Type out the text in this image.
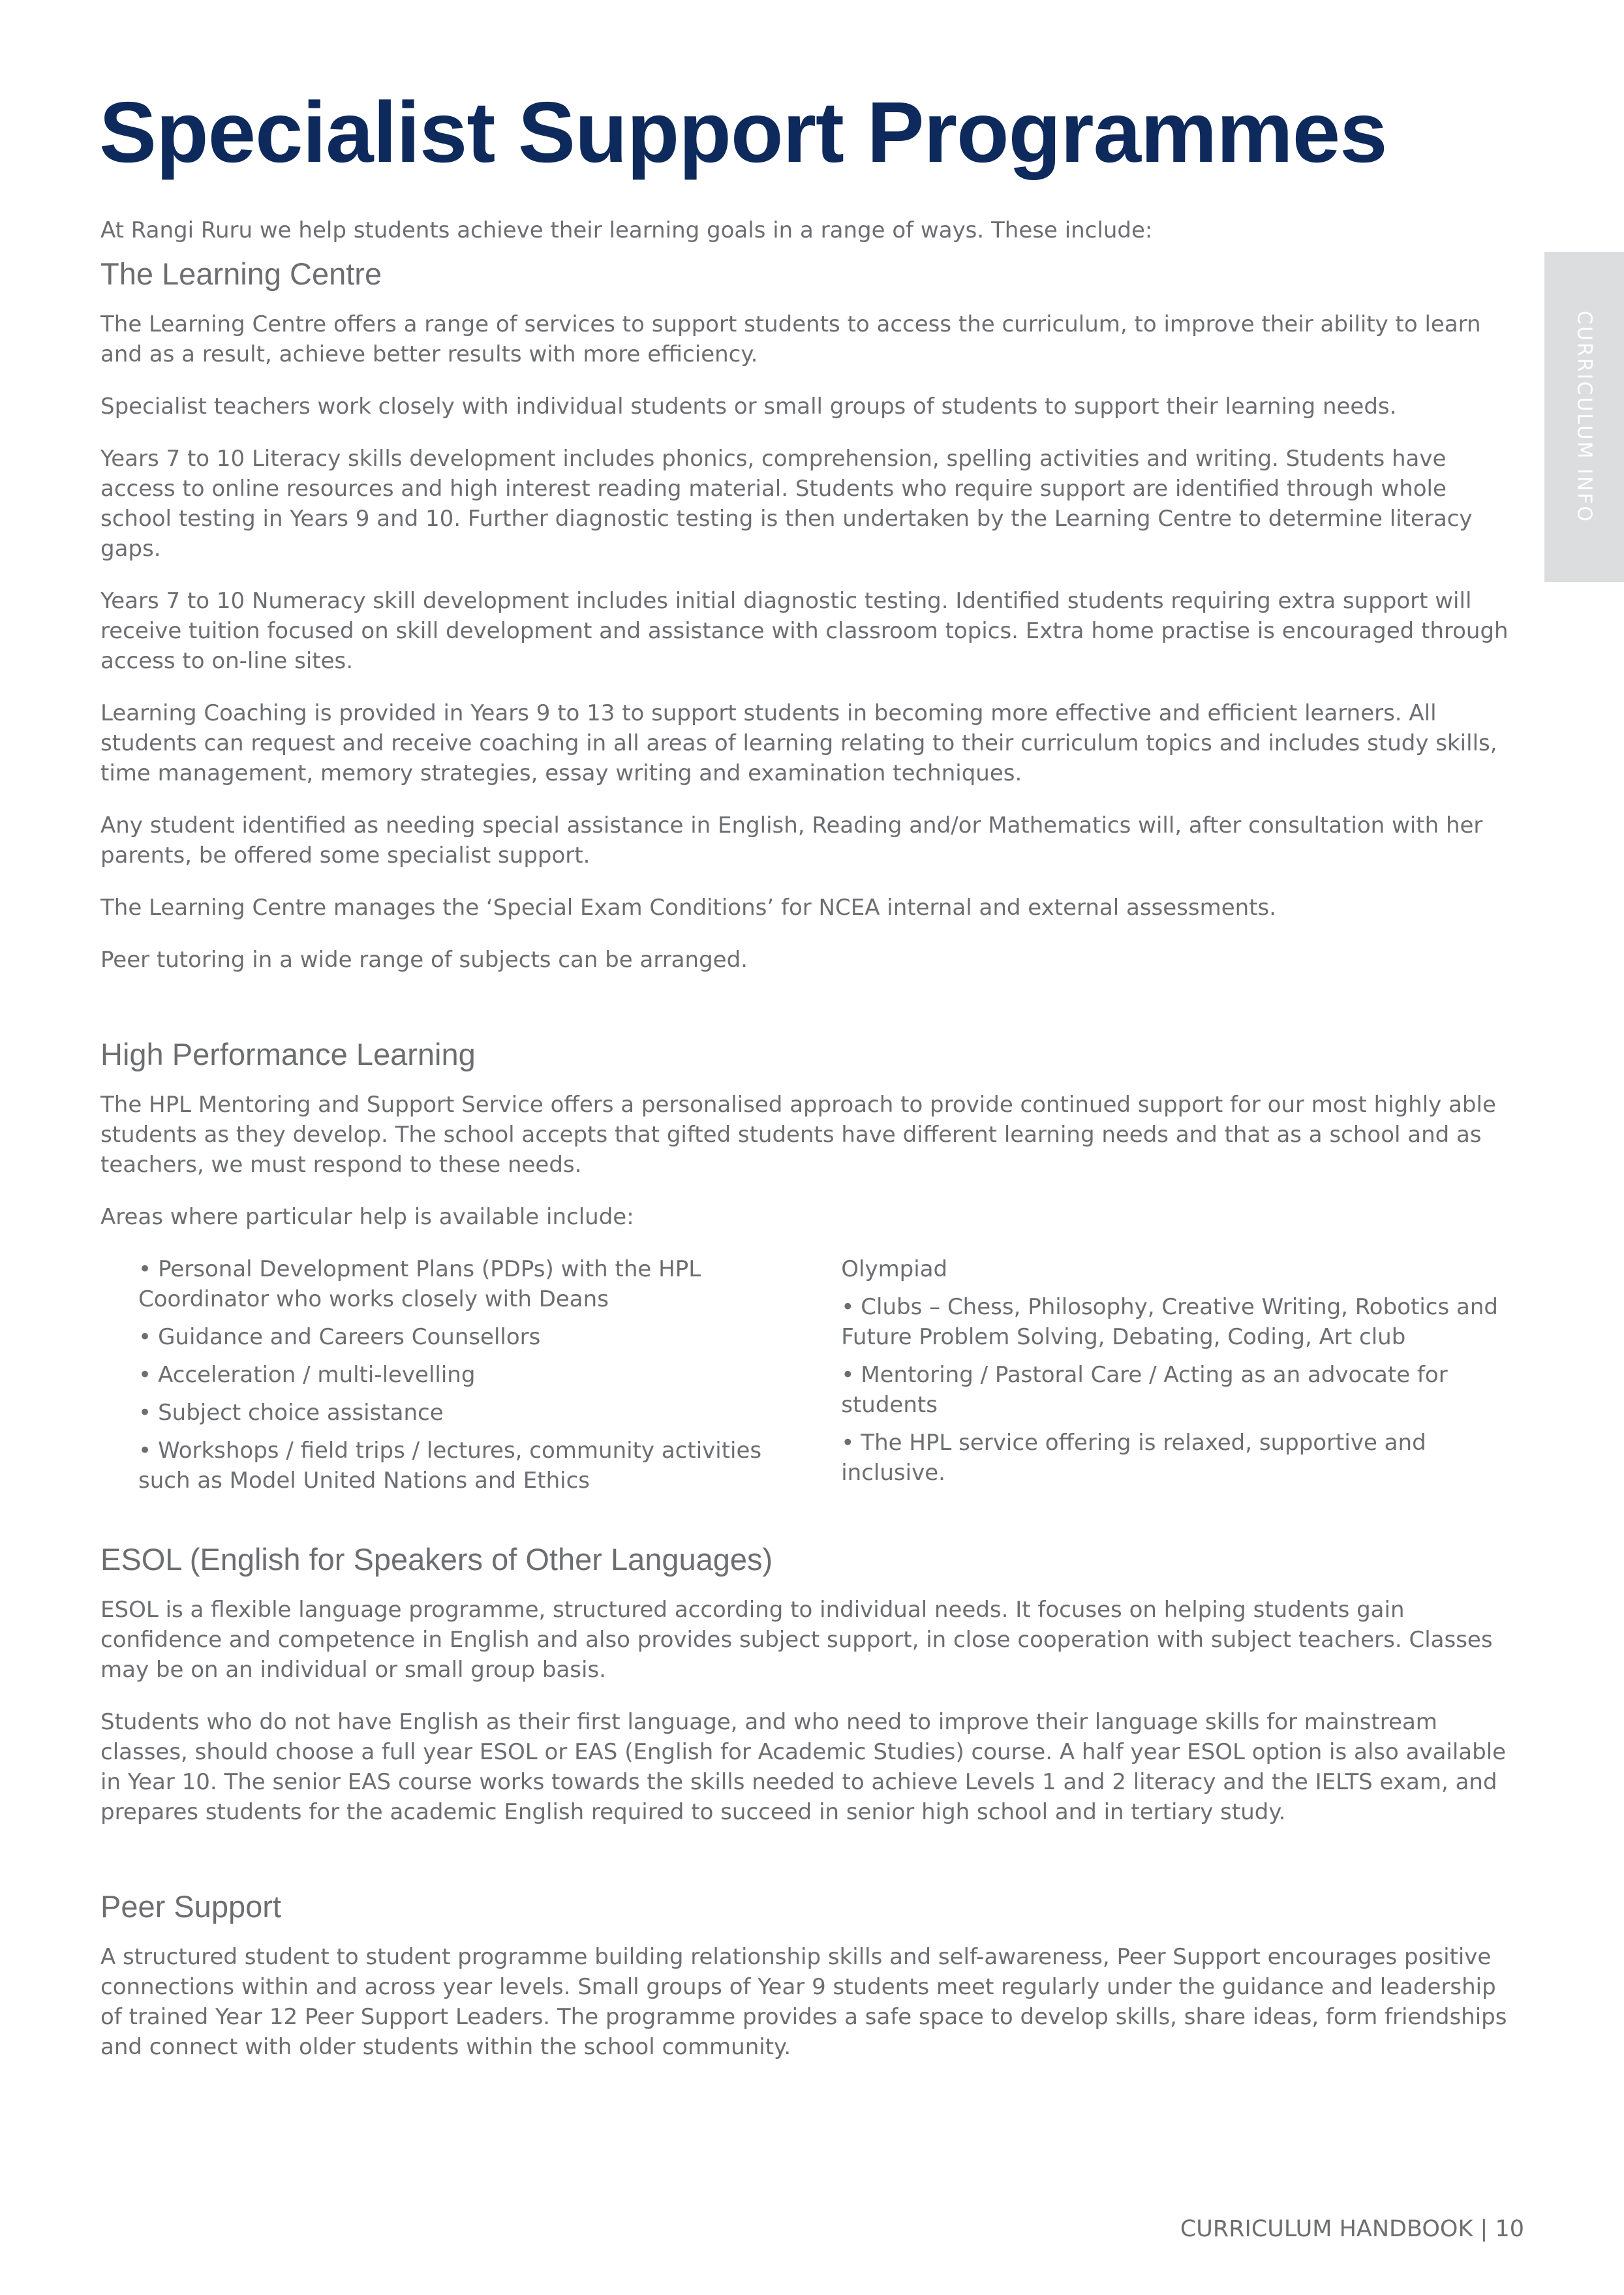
Specialist Support Programmes
CURRICULUM INFO

At Rangi Ruru we help students achieve their learning goals in a range of ways. These include:

The Learning Centre

The Learning Centre offers a range of services to support students to access the curriculum, to improve their ability to learn and as a result, achieve better results with more efficiency.

Specialist teachers work closely with individual students or small groups of students to support their learning needs.

Years 7 to 10 Literacy skills development includes phonics, comprehension, spelling activities and writing. Students have access to online resources and high interest reading material. Students who require support are identified through whole school testing in Years 9 and 10. Further diagnostic testing is then undertaken by the Learning Centre to determine literacy gaps.

Years 7 to 10 Numeracy skill development includes initial diagnostic testing. Identified students requiring extra support will receive tuition focused on skill development and assistance with classroom topics. Extra home practise is encouraged through access to on-line sites.

Learning Coaching is provided in Years 9 to 13 to support students in becoming more effective and efficient learners. All students can request and receive coaching in all areas of learning relating to their curriculum topics and includes study skills, time management, memory strategies, essay writing and examination techniques.

Any student identified as needing special assistance in English, Reading and/or Mathematics will, after consultation with her parents, be offered some specialist support.

The Learning Centre manages the ‘Special Exam Conditions’ for NCEA internal and external assessments.

Peer tutoring in a wide range of subjects can be arranged.

High Performance Learning

The HPL Mentoring and Support Service offers a personalised approach to provide continued support for our most highly able students as they develop. The school accepts that gifted students have different learning needs and that as a school and as teachers, we must respond to these needs.

Areas where particular help is available include:

• Personal Development Plans (PDPs) with the HPL Coordinator who works closely with Deans
• Guidance and Careers Counsellors
• Acceleration / multi-levelling
• Subject choice assistance
• Workshops / field trips / lectures, community activities such as Model United Nations and Ethics
Olympiad
• Clubs – Chess, Philosophy, Creative Writing, Robotics and Future Problem Solving, Debating, Coding, Art club
• Mentoring / Pastoral Care / Acting as an advocate for students
• The HPL service offering is relaxed, supportive and inclusive.
ESOL (English for Speakers of Other Languages)

ESOL is a flexible language programme, structured according to individual needs. It focuses on helping students gain confidence and competence in English and also provides subject support, in close cooperation with subject teachers. Classes may be on an individual or small group basis.

Students who do not have English as their first language, and who need to improve their language skills for mainstream classes, should choose a full year ESOL or EAS (English for Academic Studies) course. A half year ESOL option is also available in Year 10. The senior EAS course works towards the skills needed to achieve Levels 1 and 2 literacy and the IELTS exam, and prepares students for the academic English required to succeed in senior high school and in tertiary study.

Peer Support

A structured student to student programme building relationship skills and self-awareness, Peer Support encourages positive connections within and across year levels. Small groups of Year 9 students meet regularly under the guidance and leadership of trained Year 12 Peer Support Leaders. The programme provides a safe space to develop skills, share ideas, form friendships and connect with older students within the school community.

CURRICULUM HANDBOOK | 10
